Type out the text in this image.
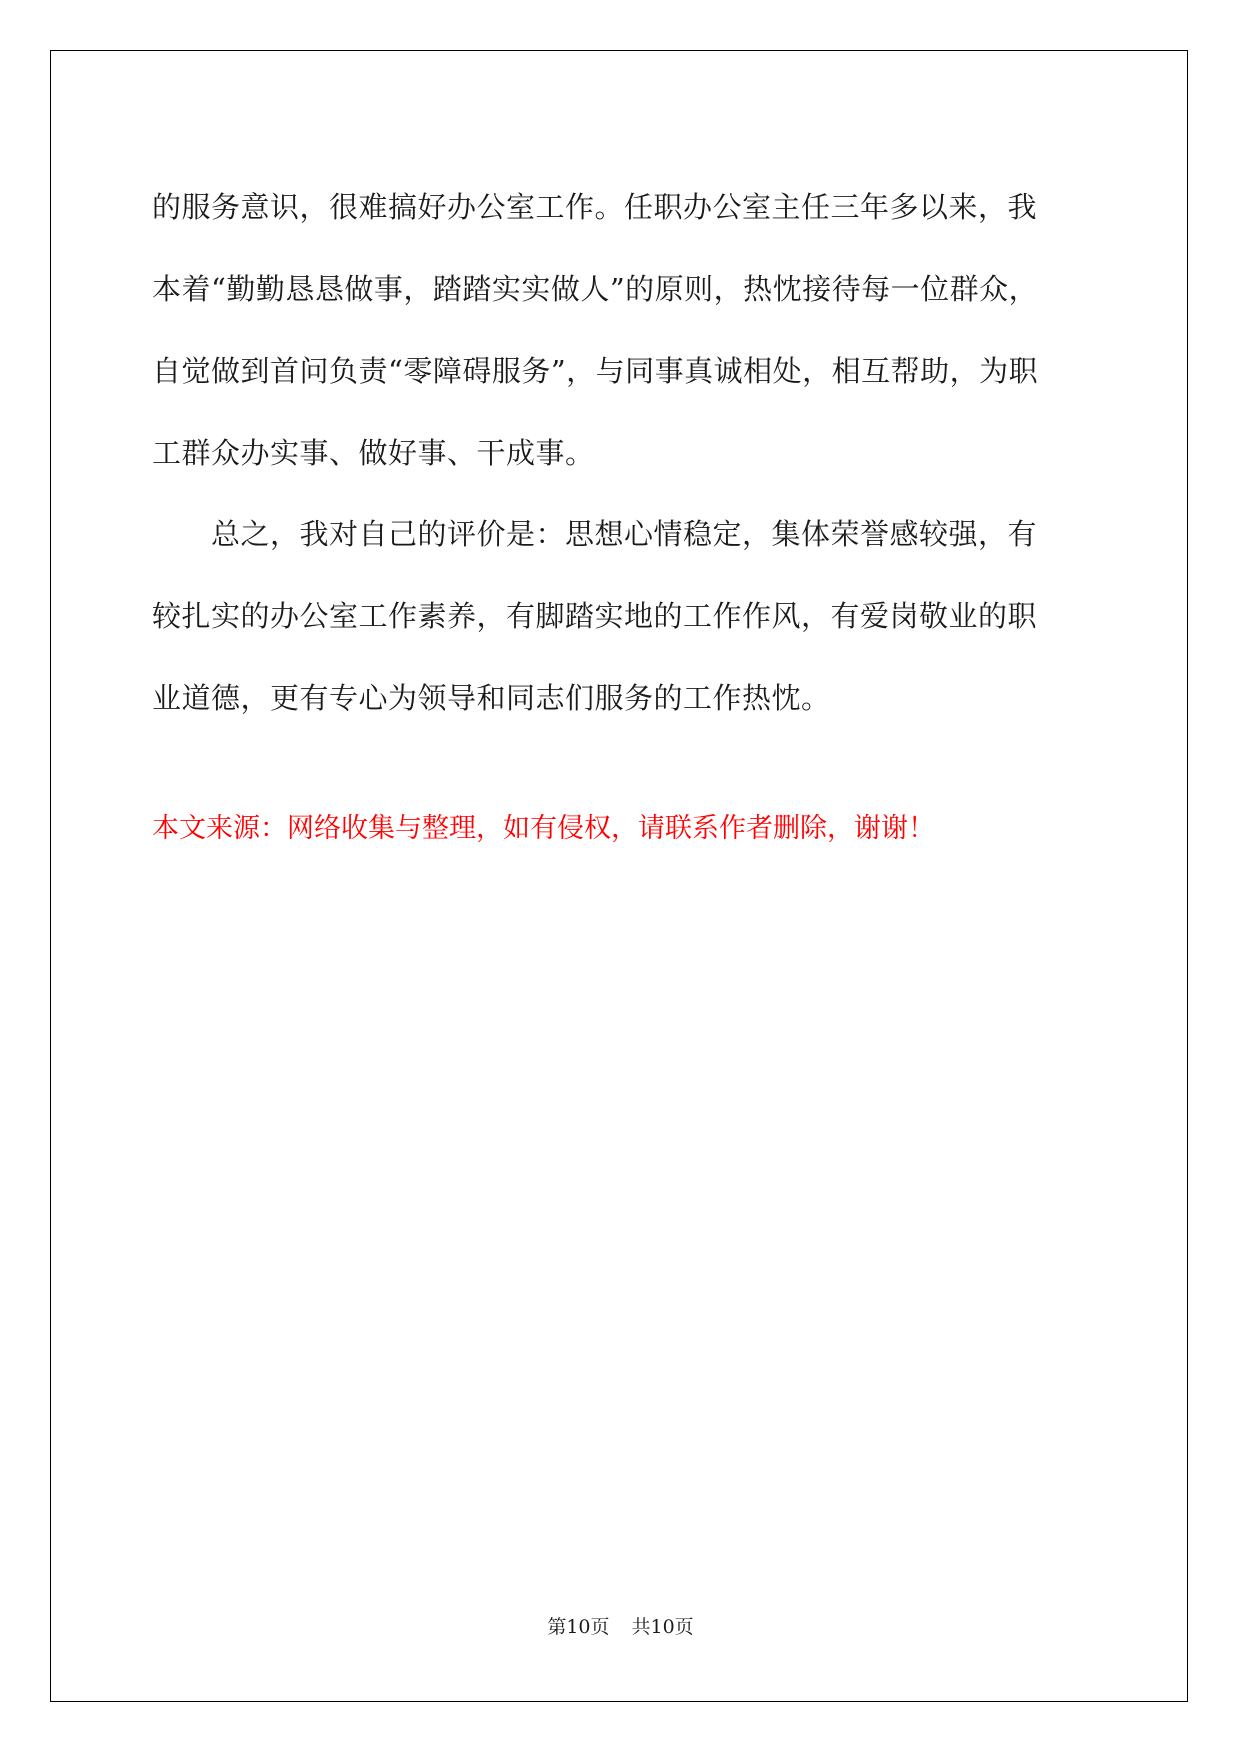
的服务意识，很难搞好办公室工作。任职办公室主任三年多以来，我
本着“勤勤恳恳做事，踏踏实实做人”的原则，热忱接待每一位群众，
自觉做到首问负责“零障碍服务”，与同事真诚相处，相互帮助，为职
工群众办实事、做好事、干成事。
　　总之，我对自己的评价是：思想心情稳定，集体荣誉感较强，有
较扎实的办公室工作素养，有脚踏实地的工作作风，有爱岗敬业的职
业道德，更有专心为领导和同志们服务的工作热忱。
本文来源：网络收集与整理，如有侵权，请联系作者删除，谢谢！
第10页 共10页
